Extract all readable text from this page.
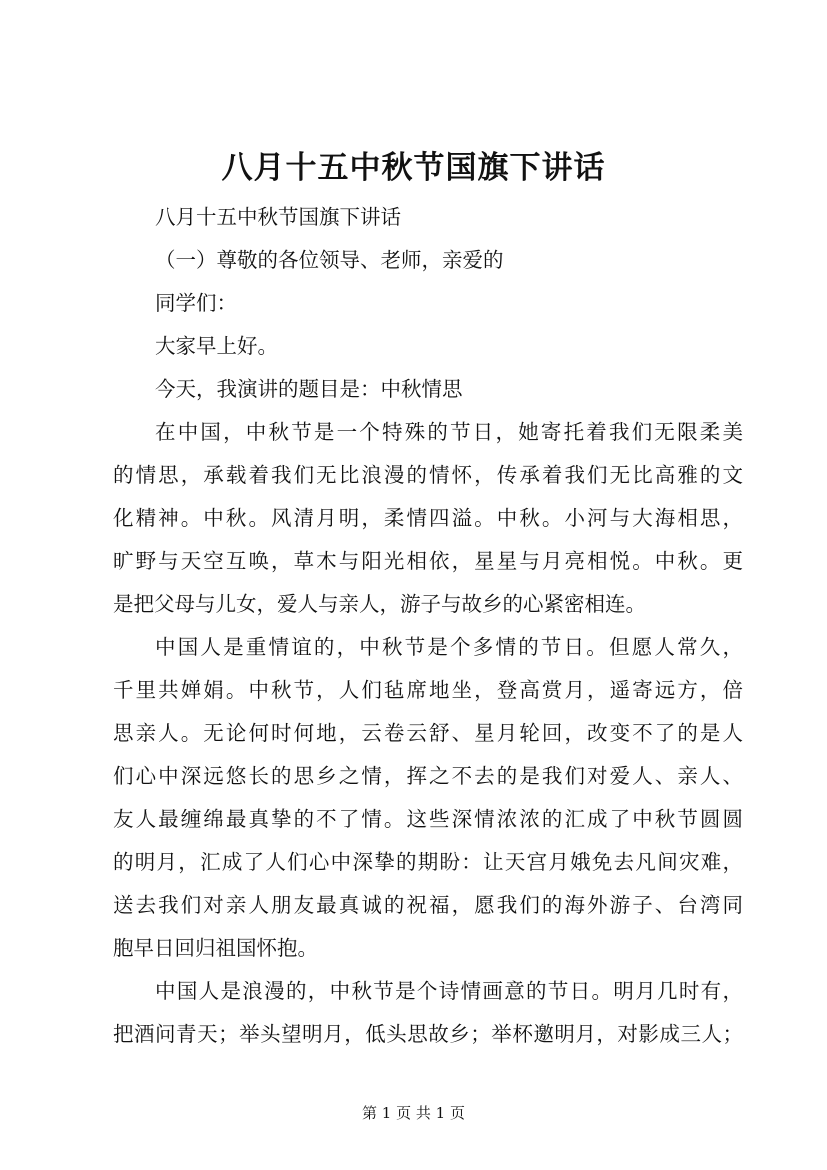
八月十五中秋节国旗下讲话
八月十五中秋节国旗下讲话
（一）尊敬的各位领导、老师，亲爱的
同学们：
大家早上好。
今天，我演讲的题目是：中秋情思
在中国，中秋节是一个特殊的节日，她寄托着我们无限柔美
的情思，承载着我们无比浪漫的情怀，传承着我们无比高雅的文
化精神。中秋。风清月明，柔情四溢。中秋。小河与大海相思，
旷野与天空互唤，草木与阳光相依，星星与月亮相悦。中秋。更
是把父母与儿女，爱人与亲人，游子与故乡的心紧密相连。
中国人是重情谊的，中秋节是个多情的节日。但愿人常久，
千里共婵娟。中秋节，人们毡席地坐，登高赏月，遥寄远方，倍
思亲人。无论何时何地，云卷云舒、星月轮回，改变不了的是人
们心中深远悠长的思乡之情，挥之不去的是我们对爱人、亲人、
友人最缠绵最真挚的不了情。这些深情浓浓的汇成了中秋节圆圆
的明月，汇成了人们心中深挚的期盼：让天宫月娥免去凡间灾难，
送去我们对亲人朋友最真诚的祝福，愿我们的海外游子、台湾同
胞早日回归祖国怀抱。
中国人是浪漫的，中秋节是个诗情画意的节日。明月几时有，
把酒问青天；举头望明月，低头思故乡；举杯邀明月，对影成三人；
第 1 页 共 1 页
